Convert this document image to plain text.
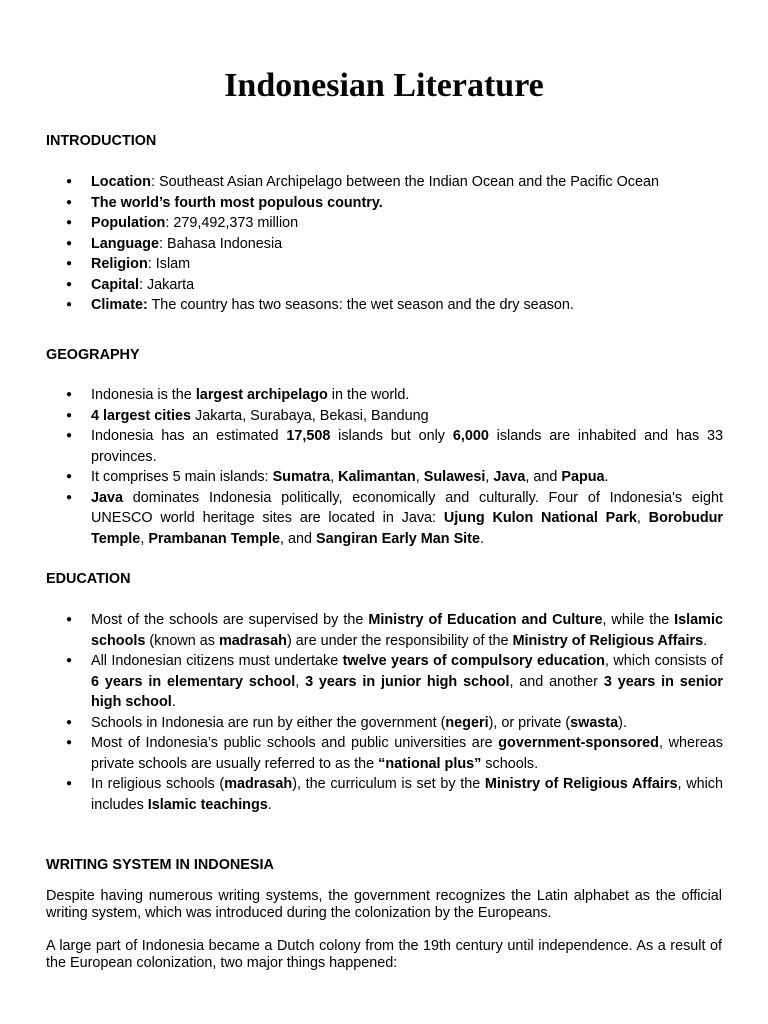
Indonesian Literature
INTRODUCTION
● Location: Southeast Asian Archipelago between the Indian Ocean and the Pacific Ocean
● The world’s fourth most populous country.
● Population: 279,492,373 million
● Language: Bahasa Indonesia
● Religion: Islam
● Capital: Jakarta
● Climate: The country has two seasons: the wet season and the dry season.
GEOGRAPHY
● Indonesia is the largest archipelago in the world.
● 4 largest cities Jakarta, Surabaya, Bekasi, Bandung
● Indonesia has an estimated 17,508 islands but only 6,000 islands are inhabited and has 33 provinces.
● It comprises 5 main islands: Sumatra, Kalimantan, Sulawesi, Java, and Papua.
● Java dominates Indonesia politically, economically and culturally. Four of Indonesia's eight UNESCO world heritage sites are located in Java: Ujung Kulon National Park, Borobudur Temple, Prambanan Temple, and Sangiran Early Man Site.
EDUCATION
● Most of the schools are supervised by the Ministry of Education and Culture, while the Islamic schools (known as madrasah) are under the responsibility of the Ministry of Religious Affairs.
● All Indonesian citizens must undertake twelve years of compulsory education, which consists of 6 years in elementary school, 3 years in junior high school, and another 3 years in senior high school.
● Schools in Indonesia are run by either the government (negeri), or private (swasta).
● Most of Indonesia’s public schools and public universities are government-sponsored, whereas private schools are usually referred to as the “national plus” schools.
● In religious schools (madrasah), the curriculum is set by the Ministry of Religious Affairs, which includes Islamic teachings.
WRITING SYSTEM IN INDONESIA

Despite having numerous writing systems, the government recognizes the Latin alphabet as the official writing system, which was introduced during the colonization by the Europeans.

A large part of Indonesia became a Dutch colony from the 19th century until independence. As a result of the European colonization, two major things happened:
